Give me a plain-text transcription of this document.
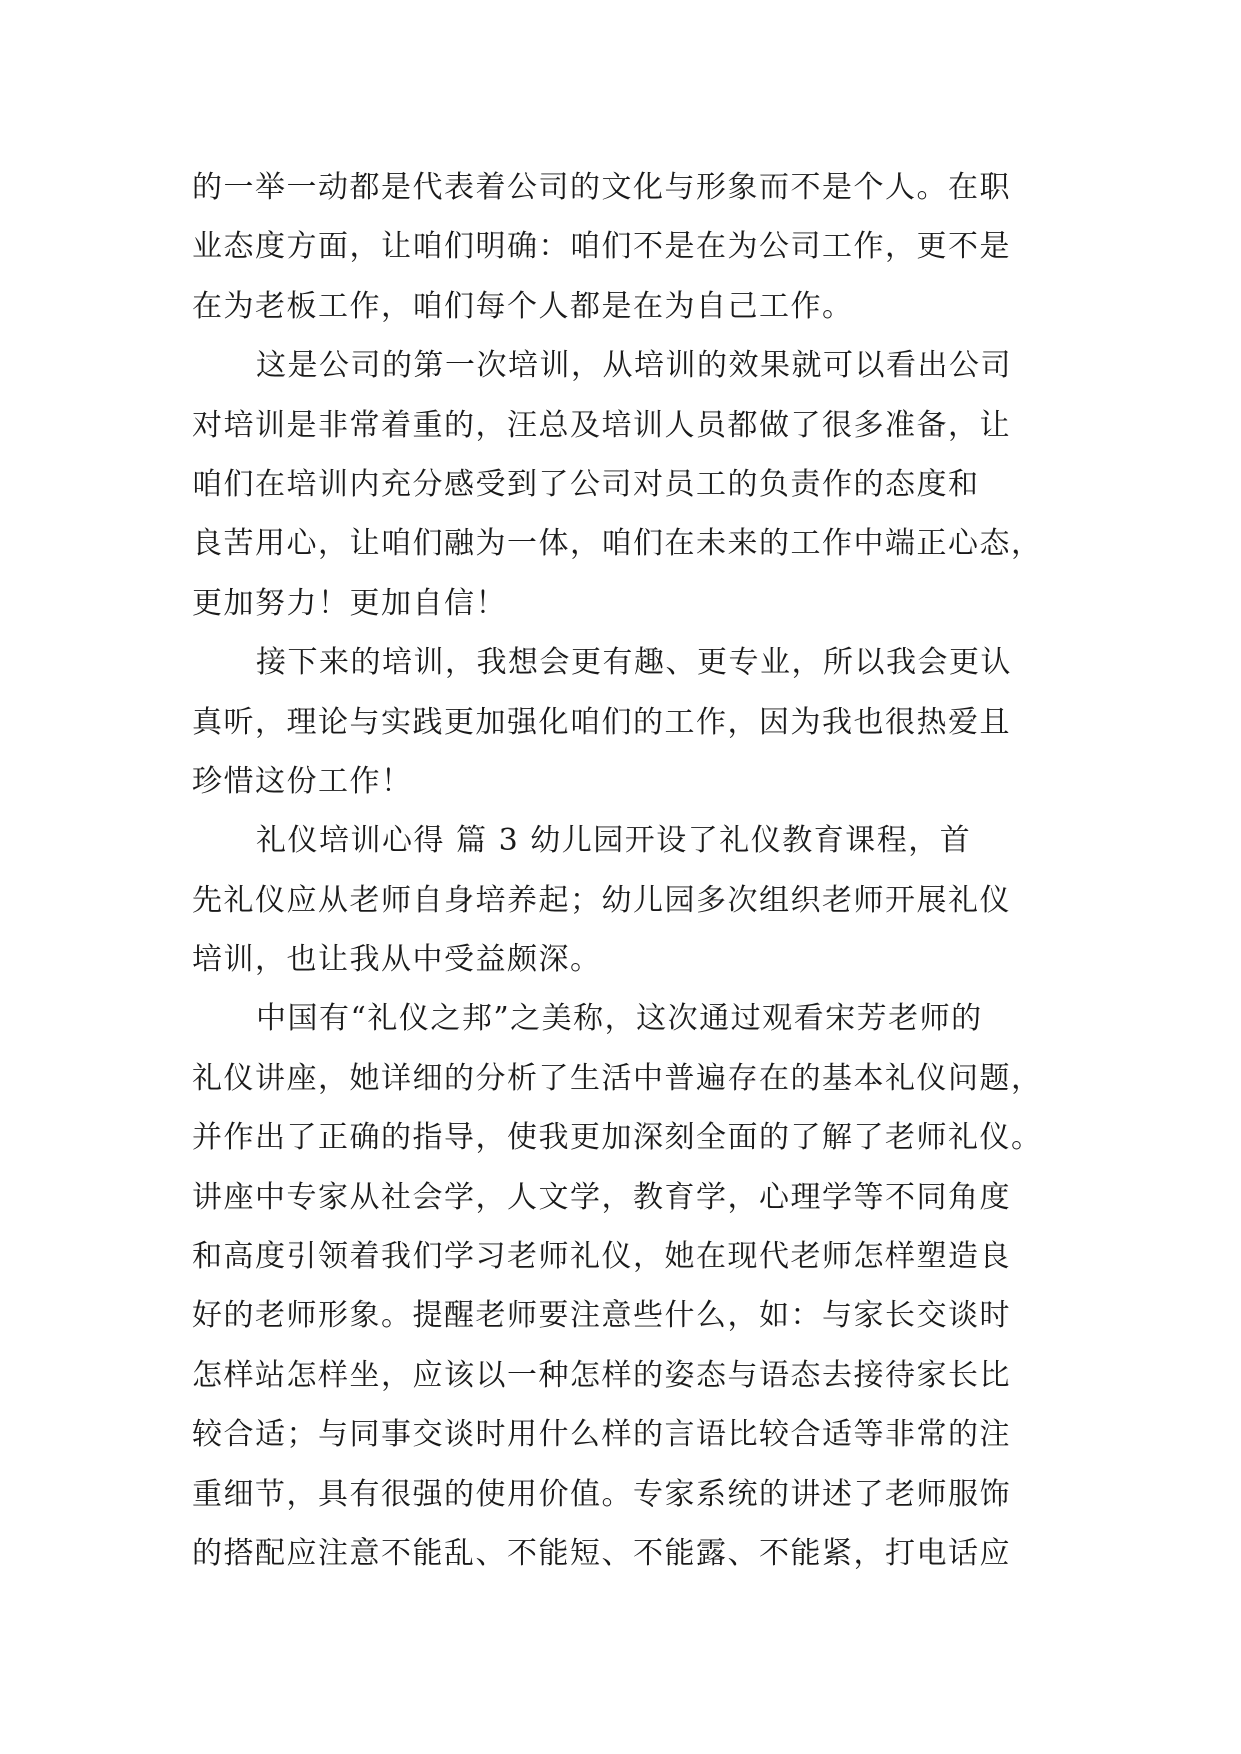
的一举一动都是代表着公司的文化与形象而不是个人。在职
业态度方面，让咱们明确：咱们不是在为公司工作，更不是
在为老板工作，咱们每个人都是在为自己工作。
这是公司的第一次培训，从培训的效果就可以看出公司
对培训是非常着重的，汪总及培训人员都做了很多准备，让
咱们在培训内充分感受到了公司对员工的负责作的态度和
良苦用心，让咱们融为一体，咱们在未来的工作中端正心态，
更加努力！更加自信！
接下来的培训，我想会更有趣、更专业，所以我会更认
真听，理论与实践更加强化咱们的工作，因为我也很热爱且
珍惜这份工作！
礼仪培训心得 篇 3 幼儿园开设了礼仪教育课程，首
先礼仪应从老师自身培养起；幼儿园多次组织老师开展礼仪
培训，也让我从中受益颇深。
中国有“礼仪之邦”之美称，这次通过观看宋芳老师的
礼仪讲座，她详细的分析了生活中普遍存在的基本礼仪问题，
并作出了正确的指导，使我更加深刻全面的了解了老师礼仪。
讲座中专家从社会学，人文学，教育学，心理学等不同角度
和高度引领着我们学习老师礼仪，她在现代老师怎样塑造良
好的老师形象。提醒老师要注意些什么，如：与家长交谈时
怎样站怎样坐，应该以一种怎样的姿态与语态去接待家长比
较合适；与同事交谈时用什么样的言语比较合适等非常的注
重细节，具有很强的使用价值。专家系统的讲述了老师服饰
的搭配应注意不能乱、不能短、不能露、不能紧，打电话应
